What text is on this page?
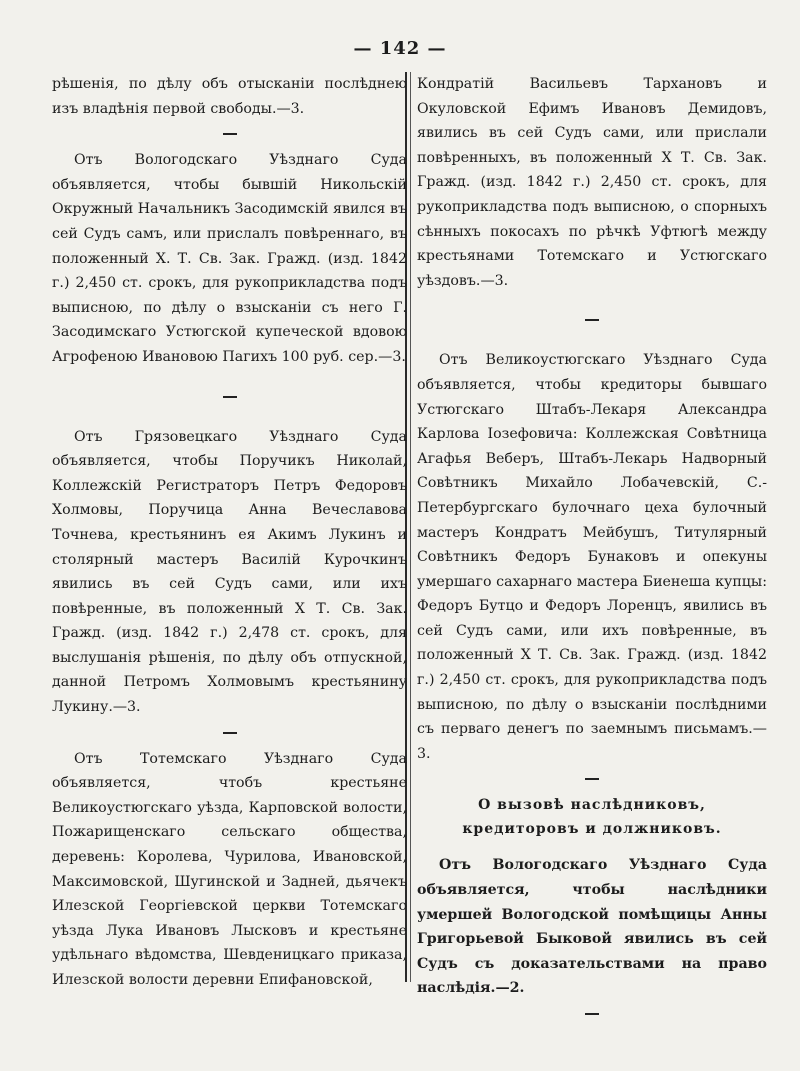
— 142 —

рѣшенія, по дѣлу объ отысканіи послѣднею изъ владѣнія первой свободы.—3.

Отъ Вологодскаго Уѣзднаго Суда объявляется, чтобы бывшій Никольскій Окружный Начальникъ Засодимскій явился въ сей Судъ самъ, или прислалъ повѣреннаго, въ положенный X. Т. Св. Зак. Гражд. (изд. 1842 г.) 2,450 ст. срокъ, для рукоприкладства подъ выписною, по дѣлу о взысканіи съ него Г. Засодимскаго Устюгской купеческой вдовою Агрофеною Ивановою Пагихъ 100 руб. сер.—3.

Отъ Грязовецкаго Уѣзднаго Суда объявляется, чтобы Поручикъ Николай, Коллежскій Регистраторъ Петръ Федоровъ Холмовы, Поручица Анна Вечеславова Точнева, крестьянинъ ея Акимъ Лукинъ и столярный мастеръ Василій Курочкинъ явились въ сей Судъ сами, или ихъ повѣренные, въ положенный X Т. Св. Зак. Гражд. (изд. 1842 г.) 2,478 ст. срокъ, для выслушанія рѣшенія, по дѣлу объ отпускной, данной Петромъ Холмовымъ крестьянину Лукину.—3.

Отъ Тотемскаго Уѣзднаго Суда объявляется, чтобъ крестьяне Великоустюгскаго уѣзда, Карповской волости, Пожарищенскаго сельскаго общества, деревень: Королева, Чурилова, Ивановской, Максимовской, Шугинской и Задней, дьячекъ Илезской Георгіевской церкви Тотемскаго уѣзда Лука Ивановъ Лысковъ и крестьяне удѣльнаго вѣдомства, Шевденицкаго приказа, Илезской волости деревни Епифановской,

Кондратій Васильевъ Тархановъ и Окуловской Ефимъ Ивановъ Демидовъ, явились въ сей Судъ сами, или прислали повѣренныхъ, въ положенный X Т. Св. Зак. Гражд. (изд. 1842 г.) 2,450 ст. срокъ, для рукоприкладства подъ выписною, о спорныхъ сѣнныхъ покосахъ по рѣчкѣ Уфтюгѣ между крестьянами Тотемскаго и Устюгскаго уѣздовъ.—3.

Отъ Великоустюгскаго Уѣзднаго Суда объявляется, чтобы кредиторы бывшаго Устюгскаго Штабъ-Лекаря Александра Карлова Іозефовича: Коллежская Совѣтница Агафья Веберъ, Штабъ-Лекарь Надворный Совѣтникъ Михайло Лобачевскій, С.-Петербургскаго булочнаго цеха булочный мастеръ Кондратъ Мейбушъ, Титулярный Совѣтникъ Федоръ Бунаковъ и опекуны умершаго сахарнаго мастера Биенеша купцы: Федоръ Бутцо и Федоръ Лоренцъ, явились въ сей Судъ сами, или ихъ повѣренные, въ положенный X Т. Св. Зак. Гражд. (изд. 1842 г.) 2,450 ст. срокъ, для рукоприкладства подъ выписною, по дѣлу о взысканіи послѣдними съ перваго денегъ по заемнымъ письмамъ.—3.

О вызовѣ наслѣдниковъ, кредиторовъ и должниковъ.

Отъ Вологодскаго Уѣзднаго Суда объявляется, чтобы наслѣдники умершей Вологодской помѣщицы Анны Григорьевой Быковой явились въ сей Судъ съ доказательствами на право наслѣдія.—2.
